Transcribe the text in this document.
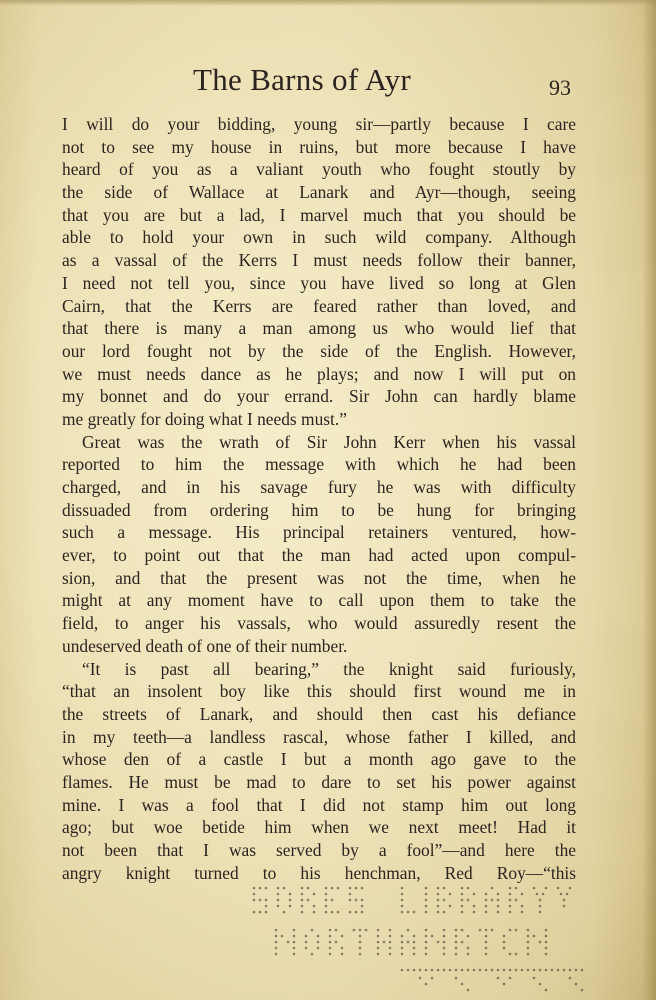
The Barns of Ayr	93
I will do your bidding, young sir—partly because I care
not to see my house in ruins, but more because I have
heard of you as a valiant youth who fought stoutly by
the side of Wallace at Lanark and Ayr—though, seeing
that you are but a lad, I marvel much that you should be
able to hold your own in such wild company. Although
as a vassal of the Kerrs I must needs follow their banner,
I need not tell you, since you have lived so long at Glen
Cairn, that the Kerrs are feared rather than loved, and
that there is many a man among us who would lief that
our lord fought not by the side of the English. However,
we must needs dance as he plays; and now I will put on
my bonnet and do your errand. Sir John can hardly blame
me greatly for doing what I needs must.”
Great was the wrath of Sir John Kerr when his vassal
reported to him the message with which he had been
charged, and in his savage fury he was with difficulty
dissuaded from ordering him to be hung for bringing
such a message. His principal retainers ventured, how-
ever, to point out that the man had acted upon compul-
sion, and that the present was not the time, when he
might at any moment have to call upon them to take the
field, to anger his vassals, who would assuredly resent the
undeserved death of one of their number.
“It is past all bearing,” the knight said furiously,
“that an insolent boy like this should first wound me in
the streets of Lanark, and should then cast his defiance
in my teeth—a landless rascal, whose father I killed, and
whose den of a castle I but a month ago gave to the
flames. He must be mad to dare to set his power against
mine. I was a fool that I did not stamp him out long
ago; but woe betide him when we next meet! Had it
not been that I was served by a fool”—and here the
angry knight turned to his henchman, Red Roy—“this
